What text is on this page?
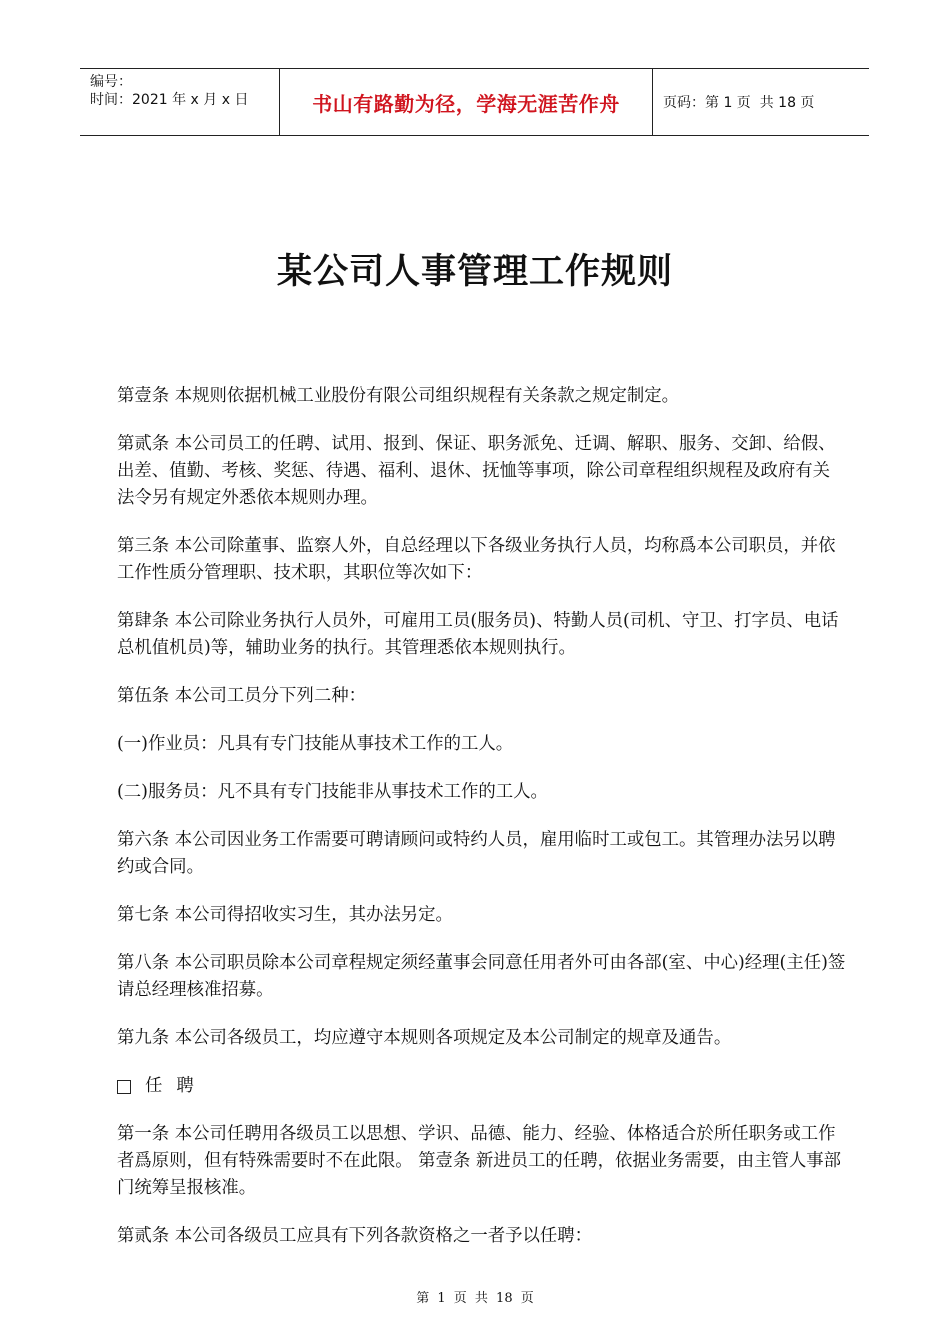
编号：
时间：2021 年 x 月 x 日	书山有路勤为径，学海无涯苦作舟	页码：第 1 页  共 18 页
某公司人事管理工作规则

第壹条 本规则依据机械工业股份有限公司组织规程有关条款之规定制定。

第贰条 本公司员工的任聘、试用、报到、保证、职务派免、迁调、解职、服务、交卸、给假、出差、值勤、考核、奖惩、待遇、福利、退休、抚恤等事项，除公司章程组织规程及政府有关法令另有规定外悉依本规则办理。

第三条 本公司除董事、监察人外，自总经理以下各级业务执行人员，均称爲本公司职员，并依工作性质分管理职、技术职，其职位等次如下：

第肆条 本公司除业务执行人员外，可雇用工员(服务员)、特勤人员(司机、守卫、打字员、电话总机值机员)等，辅助业务的执行。其管理悉依本规则执行。

第伍条 本公司工员分下列二种：

(一)作业员：凡具有专门技能从事技术工作的工人。

(二)服务员：凡不具有专门技能非从事技术工作的工人。

第六条 本公司因业务工作需要可聘请顾问或特约人员，雇用临时工或包工。其管理办法另以聘约或合同。

第七条 本公司得招收实习生，其办法另定。

第八条 本公司职员除本公司章程规定须经董事会同意任用者外可由各部(室、中心)经理(主任)签请总经理核准招募。

第九条 本公司各级员工，均应遵守本规则各项规定及本公司制定的规章及通告。

任聘

第一条 本公司任聘用各级员工以思想、学识、品德、能力、经验、体格适合於所任职务或工作者爲原则，但有特殊需要时不在此限。 第壹条 新进员工的任聘，依据业务需要，由主管人事部门统筹呈报核准。

第贰条 本公司各级员工应具有下列各款资格之一者予以任聘：

第 1 页 共 18 页
